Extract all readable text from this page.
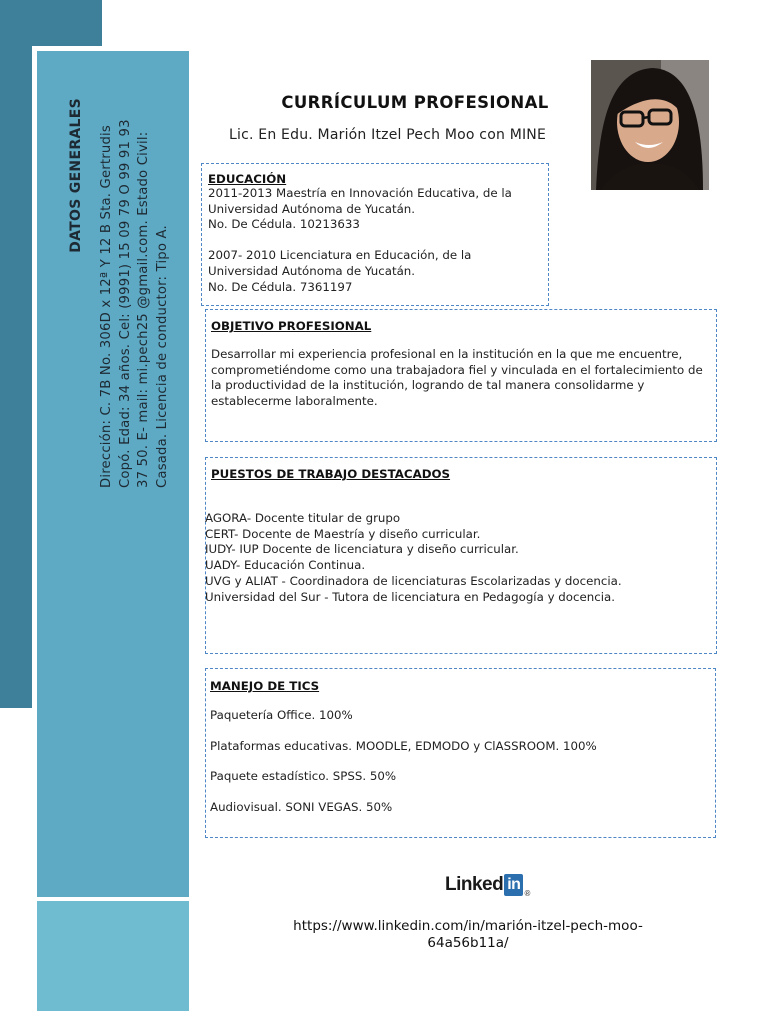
DATOS GENERALES
Dirección: C. 7B No. 306D x 12ª Y 12 B Sta. Gertrudis
Copó. Edad: 34 años. Cel: (9991) 15 09 79 O 99 91 93
37 50. E- mail: mi.pech25 @gmail.com. Estado Civil:
Casada. Licencia de conductor: Tipo A.
CURRÍCULUM PROFESIONAL
Lic. En Edu. Marión Itzel Pech Moo con MINE
EDUCACIÓN

2011-2013 Maestría en Innovación Educativa, de la Universidad Autónoma de Yucatán.
No. De Cédula. 10213633

2007- 2010 Licenciatura en Educación, de la Universidad Autónoma de Yucatán.
No. De Cédula. 7361197

OBJETIVO PROFESIONAL

Desarrollar mi experiencia profesional en la institución en la que me encuentre, comprometiéndome como una trabajadora fiel y vinculada en el fortalecimiento de la productividad de la institución, logrando de tal manera consolidarme y establecerme laboralmente.

PUESTOS DE TRABAJO DESTACADOS

AGORA- Docente titular de grupo

CERT- Docente de Maestría y diseño curricular.

IUDY- IUP Docente de licenciatura y diseño curricular.

UADY- Educación Continua.

UVG y ALIAT - Coordinadora de licenciaturas Escolarizadas y docencia.

Universidad del Sur - Tutora de licenciatura en Pedagogía y docencia.

MANEJO DE TICS

Paquetería Office. 100%

Plataformas educativas. MOODLE, EDMODO y ClASSROOM. 100%

Paquete estadístico. SPSS. 50%

Audiovisual. SONI VEGAS. 50%

Linked in
®
https://www.linkedin.com/in/marión-itzel-pech-moo-64a56b11a/
